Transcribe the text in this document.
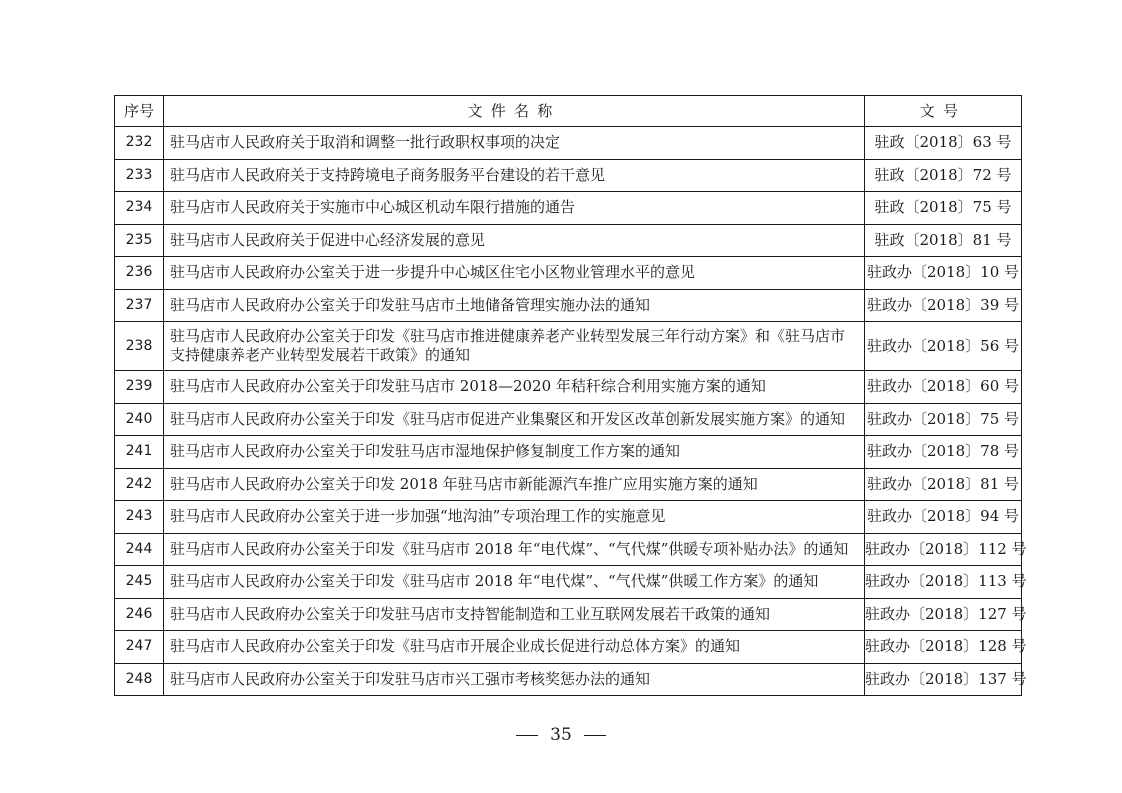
序号	文件名称	文号
232	驻马店市人民政府关于取消和调整一批行政职权事项的决定	驻政〔2018〕63 号
233	驻马店市人民政府关于支持跨境电子商务服务平台建设的若干意见	驻政〔2018〕72 号
234	驻马店市人民政府关于实施市中心城区机动车限行措施的通告	驻政〔2018〕75 号
235	驻马店市人民政府关于促进中心经济发展的意见	驻政〔2018〕81 号
236	驻马店市人民政府办公室关于进一步提升中心城区住宅小区物业管理水平的意见	驻政办〔2018〕10 号
237	驻马店市人民政府办公室关于印发驻马店市土地储备管理实施办法的通知	驻政办〔2018〕39 号
238	驻马店市人民政府办公室关于印发《驻马店市推进健康养老产业转型发展三年行动方案》和《驻马店市支持健康养老产业转型发展若干政策》的通知	驻政办〔2018〕56 号
239	驻马店市人民政府办公室关于印发驻马店市 2018—2020 年秸秆综合利用实施方案的通知	驻政办〔2018〕60 号
240	驻马店市人民政府办公室关于印发《驻马店市促进产业集聚区和开发区改革创新发展实施方案》的通知	驻政办〔2018〕75 号
241	驻马店市人民政府办公室关于印发驻马店市湿地保护修复制度工作方案的通知	驻政办〔2018〕78 号
242	驻马店市人民政府办公室关于印发 2018 年驻马店市新能源汽车推广应用实施方案的通知	驻政办〔2018〕81 号
243	驻马店市人民政府办公室关于进一步加强“地沟油”专项治理工作的实施意见	驻政办〔2018〕94 号
244	驻马店市人民政府办公室关于印发《驻马店市 2018 年“电代煤”、“气代煤”供暖专项补贴办法》的通知	驻政办〔2018〕112 号
245	驻马店市人民政府办公室关于印发《驻马店市 2018 年“电代煤”、“气代煤”供暖工作方案》的通知	驻政办〔2018〕113 号
246	驻马店市人民政府办公室关于印发驻马店市支持智能制造和工业互联网发展若干政策的通知	驻政办〔2018〕127 号
247	驻马店市人民政府办公室关于印发《驻马店市开展企业成长促进行动总体方案》的通知	驻政办〔2018〕128 号
248	驻马店市人民政府办公室关于印发驻马店市兴工强市考核奖惩办法的通知	驻政办〔2018〕137 号
35
